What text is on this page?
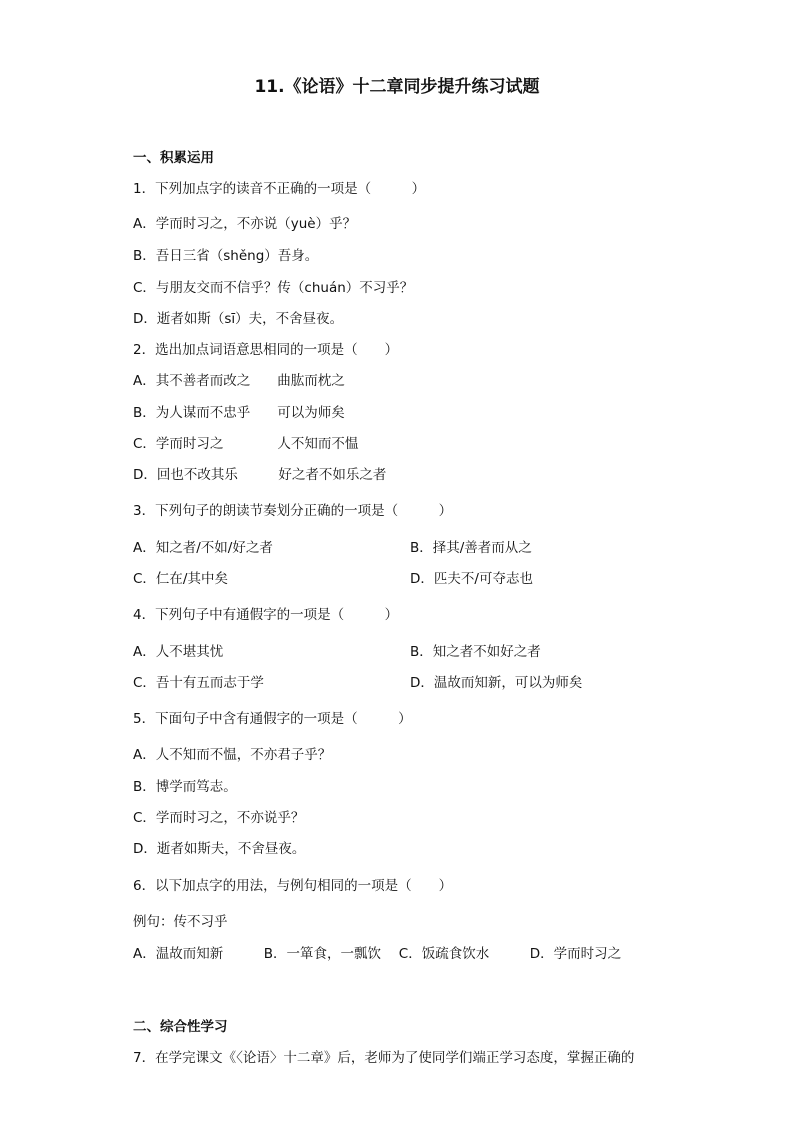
11.《论语》十二章同步提升练习试题
一、积累运用
1．下列加点字的读音不正确的一项是（　　　）
A．学而时习之，不亦说（yuè）乎？
B．吾日三省（shěng）吾身。
C．与朋友交而不信乎？传（chuán）不习乎？
D．逝者如斯（sī）夫，不舍昼夜。
2．选出加点词语意思相同的一项是（　　）
A．其不善者而改之　　曲肱而枕之
B．为人谋而不忠乎　　可以为师矣
C．学而时习之　　　　人不知而不愠
D．回也不改其乐　　　好之者不如乐之者
3．下列句子的朗读节奏划分正确的一项是（　　　）
A．知之者/不如/好之者	B．择其/善者而从之
C．仁在/其中矣	D．匹夫不/可夺志也
4．下列句子中有通假字的一项是（　　　）
A．人不堪其忧	B．知之者不如好之者
C．吾十有五而志于学	D．温故而知新，可以为师矣
5．下面句子中含有通假字的一项是（　　　）
A．人不知而不愠，不亦君子乎？
B．博学而笃志。
C．学而时习之，不亦说乎？
D．逝者如斯夫，不舍昼夜。
6．以下加点字的用法，与例句相同的一项是（　　）
例句：传不习乎
A．温故而知新　　　B．一箪食，一瓢饮　 C．饭疏食饮水　　　D．学而时习之
二、综合性学习
7．在学完课文《〈论语〉十二章》后，老师为了使同学们端正学习态度，掌握正确的
